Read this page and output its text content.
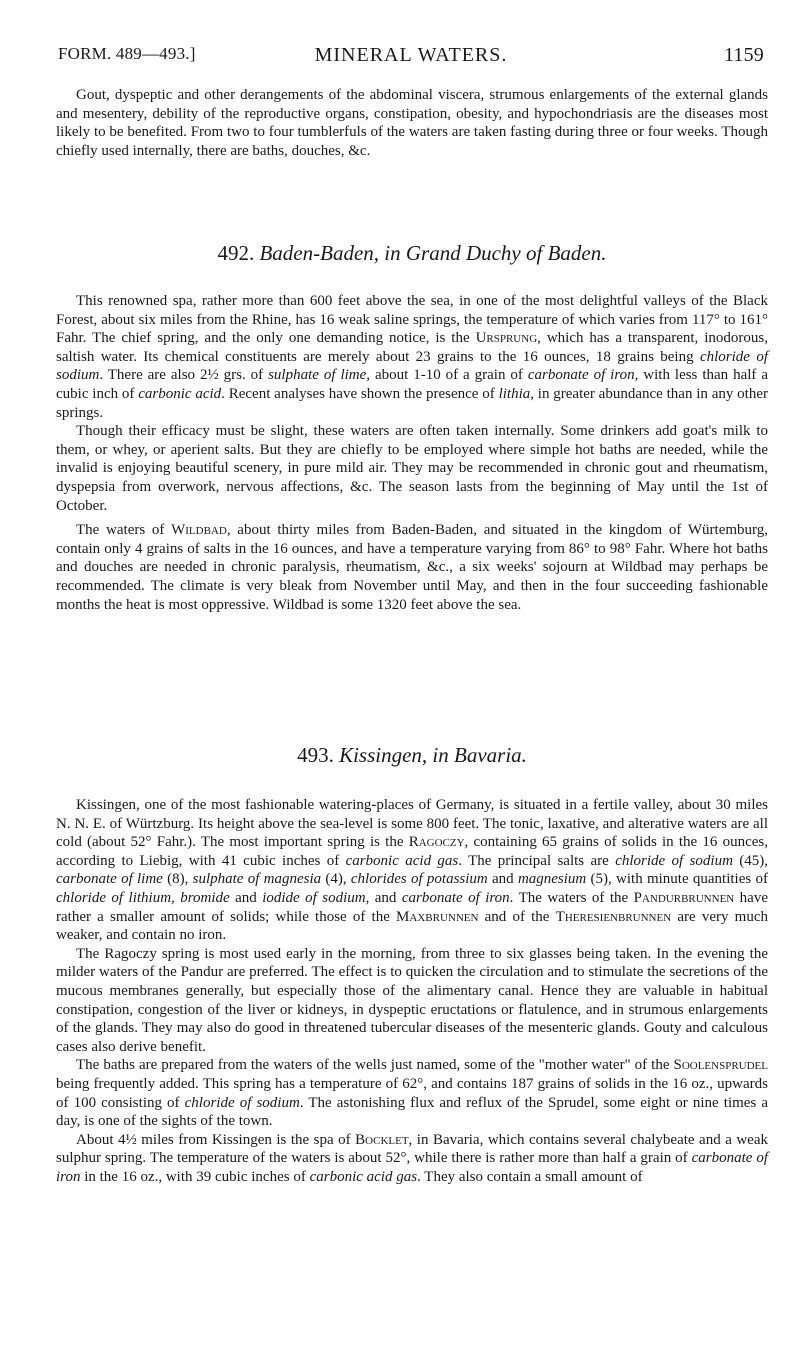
FORM. 489—493.]	MINERAL WATERS.	1159

Gout, dyspeptic and other derangements of the abdominal viscera, strumous enlargements of the external glands and mesentery, debility of the reproductive organs, constipation, obesity, and hypochondriasis are the diseases most likely to be benefited. From two to four tumblerfuls of the waters are taken fasting during three or four weeks. Though chiefly used internally, there are baths, douches, &c.

492. Baden-Baden, in Grand Duchy of Baden.

This renowned spa, rather more than 600 feet above the sea, in one of the most delightful valleys of the Black Forest, about six miles from the Rhine, has 16 weak saline springs, the temperature of which varies from 117° to 161° Fahr. The chief spring, and the only one demanding notice, is the Ursprung, which has a transparent, inodorous, saltish water. Its chemical constituents are merely about 23 grains to the 16 ounces, 18 grains being chloride of sodium. There are also 2½ grs. of sulphate of lime, about 1-10 of a grain of carbonate of iron, with less than half a cubic inch of carbonic acid. Recent analyses have shown the presence of lithia, in greater abundance than in any other springs.

Though their efficacy must be slight, these waters are often taken internally. Some drinkers add goat's milk to them, or whey, or aperient salts. But they are chiefly to be employed where simple hot baths are needed, while the invalid is enjoying beautiful scenery, in pure mild air. They may be recommended in chronic gout and rheumatism, dyspepsia from overwork, nervous affections, &c. The season lasts from the beginning of May until the 1st of October.

The waters of Wildbad, about thirty miles from Baden-Baden, and situated in the kingdom of Würtemburg, contain only 4 grains of salts in the 16 ounces, and have a temperature varying from 86° to 98° Fahr. Where hot baths and douches are needed in chronic paralysis, rheumatism, &c., a six weeks' sojourn at Wildbad may perhaps be recommended. The climate is very bleak from November until May, and then in the four succeeding fashionable months the heat is most oppressive. Wildbad is some 1320 feet above the sea.

493. Kissingen, in Bavaria.

Kissingen, one of the most fashionable watering-places of Germany, is situated in a fertile valley, about 30 miles N. N. E. of Würtzburg. Its height above the sea-level is some 800 feet. The tonic, laxative, and alterative waters are all cold (about 52° Fahr.). The most important spring is the Ragoczy, containing 65 grains of solids in the 16 ounces, according to Liebig, with 41 cubic inches of carbonic acid gas. The principal salts are chloride of sodium (45), carbonate of lime (8), sulphate of magnesia (4), chlorides of potassium and magnesium (5), with minute quantities of chloride of lithium, bromide and iodide of sodium, and carbonate of iron. The waters of the Pandurbrunnen have rather a smaller amount of solids; while those of the Maxbrunnen and of the Theresienbrunnen are very much weaker, and contain no iron.

The Ragoczy spring is most used early in the morning, from three to six glasses being taken. In the evening the milder waters of the Pandur are preferred. The effect is to quicken the circulation and to stimulate the secretions of the mucous membranes generally, but especially those of the alimentary canal. Hence they are valuable in habitual constipation, congestion of the liver or kidneys, in dyspeptic eructations or flatulence, and in strumous enlargements of the glands. They may also do good in threatened tubercular diseases of the mesenteric glands. Gouty and calculous cases also derive benefit.

The baths are prepared from the waters of the wells just named, some of the "mother water" of the Soolensprudel being frequently added. This spring has a temperature of 62°, and contains 187 grains of solids in the 16 oz., upwards of 100 consisting of chloride of sodium. The astonishing flux and reflux of the Sprudel, some eight or nine times a day, is one of the sights of the town.

About 4½ miles from Kissingen is the spa of Bocklet, in Bavaria, which contains several chalybeate and a weak sulphur spring. The temperature of the waters is about 52°, while there is rather more than half a grain of carbonate of iron in the 16 oz., with 39 cubic inches of carbonic acid gas. They also contain a small amount of
